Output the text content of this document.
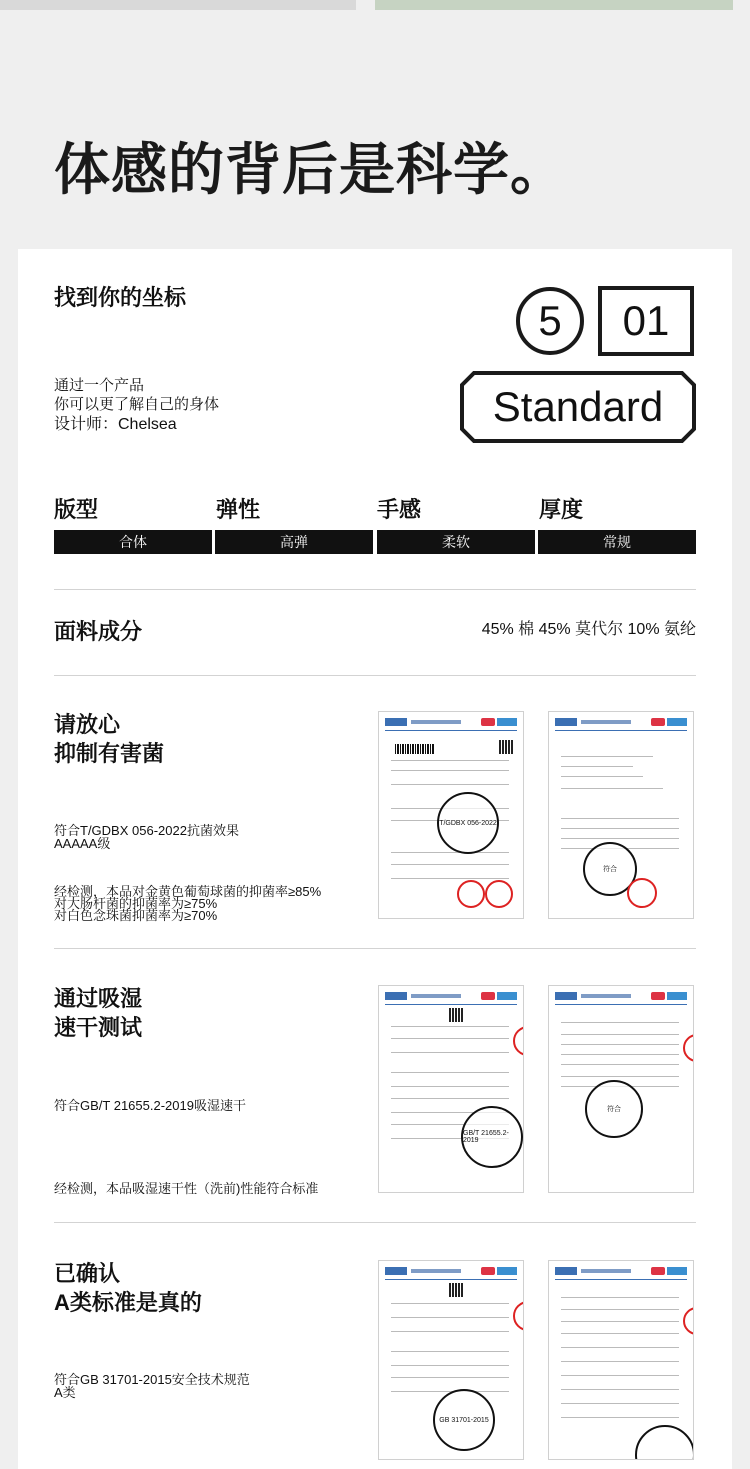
体感的背后是科学。
找到你的坐标
通过一个产品
你可以更了解自己的身体
设计师：Chelsea
5	01
Standard
版型	弹性	手感	厚度
合体	高弹	柔软	常规
面料成分	45% 棉 45% 莫代尔 10% 氨纶
请放心
抑制有害菌
符合T/GDBX 056-2022抗菌效果
AAAAA级
经检测，本品对金黄色葡萄球菌的抑菌率≥85%
对大肠杆菌的抑菌率为≥75%
对白色念珠菌抑菌率为≥70%
T/GDBX 056-2022
符合
通过吸湿
速干测试
符合GB/T 21655.2-2019吸湿速干
经检测，本品吸湿速干性（洗前)性能符合标准
GB/T 21655.2-2019
符合
已确认
A类标准是真的
符合GB 31701-2015安全技术规范
A类
GB 31701-2015
